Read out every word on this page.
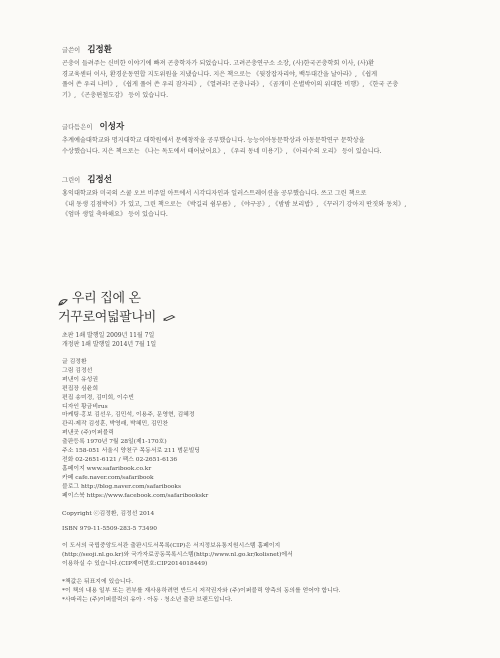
글쓴이 김정환
곤충이 들려주는 신비한 이야기에 빠져 곤충학자가 되었습니다. 고려곤충연구소 소장, (사)한국곤충학회 이사, (사)환
경교육센터 이사, 환경운동연합 지도위원을 지냈습니다. 지은 책으로는 《뒷장잡자리야, 백두대간을 날아라》, 《쉽게
풀어 쓴 우리 나비》, 《쉽게 풀어 쓴 우리 잠자리》, 《열려라! 곤충나라》, 《곰개미 은별박이의 위대한 비행》, 《한국 곤충
기》, 《곤충편철도감》 등이 있습니다.
글다듬은이 이성자
추계예술대학교와 명지대학교 대학원에서 문예창작을 공부했습니다. 능능이아동문학상과 아동문학연구 문학상을
수상했습니다. 지은 책으로는 《나는 독도에서 태어났어요》, 《우리 동네 미용기》, 《아리수의 오리》 등이 있습니다.
그린이 김정선
홍익대학교와 미국의 스쿨 오브 비주얼 아트에서 시각디자인과 일러스트레이션을 공부했습니다. 쓰고 그린 책으로
《내 동생 김점박이》가 있고, 그린 책으로는 《박길리 쉼부름》, 《야구공》, 《밤밤 보리밥》, 《꾸러기 강아지 딴짓와 동치》,
《엄마 생일 축하해요》 등이 있습니다.
우리 집에 온
거꾸로여덟팔나비
초판 1쇄 발행일 2009년 11월 7일
개정판 1쇄 발행일 2014년 7월 1일
글 김정환
그림 김정선
펴낸이 유성권
편집장 심윤희
편집 송미경, 김미희, 이수빈
디자인 황금비rus
마케팅·홍보 김선우, 김민석, 이용주, 문영현, 김혜정
관리·제작 김성훈, 박영래, 박혜민, 김민찬
펴낸곳 (주)이퍼블릭
출판등록 1970년 7월 28일(제1-170호)
주소 158-051 서울시 양천구 목동서로 211 범문빌딩
전화 02-2651-6121 / 팩스 02-2651-6136
홈페이지 www.safaribook.co.kr
카페 cafe.naver.com/safaribook
블로그 http://blog.naver.com/safaribooks
페이스북 https://www.facebook.com/safaribookskr
Copyright ⓒ김정환, 김정선 2014
ISBN 979-11-5509-283-5 73490
이 도서의 국립중앙도서관 출판시도서목록(CIP)은 서지정보유통지원시스템 홈페이지
(http://seoji.nl.go.kr)와 국가자료공동목록시스템(http://www.nl.go.kr/kolisnet)에서
이용하실 수 있습니다.(CIP제어번호:CIP2014018449)
*책값은 뒤표지에 있습니다.
*이 책의 내용 일부 또는 전부를 재사용하려면 반드시 저작권자와 (주)이퍼블릭 양측의 동의를 얻어야 합니다.
*사파리는 (주)이퍼블릭의 유아 · 아동 · 청소년 출판 브랜드입니다.
